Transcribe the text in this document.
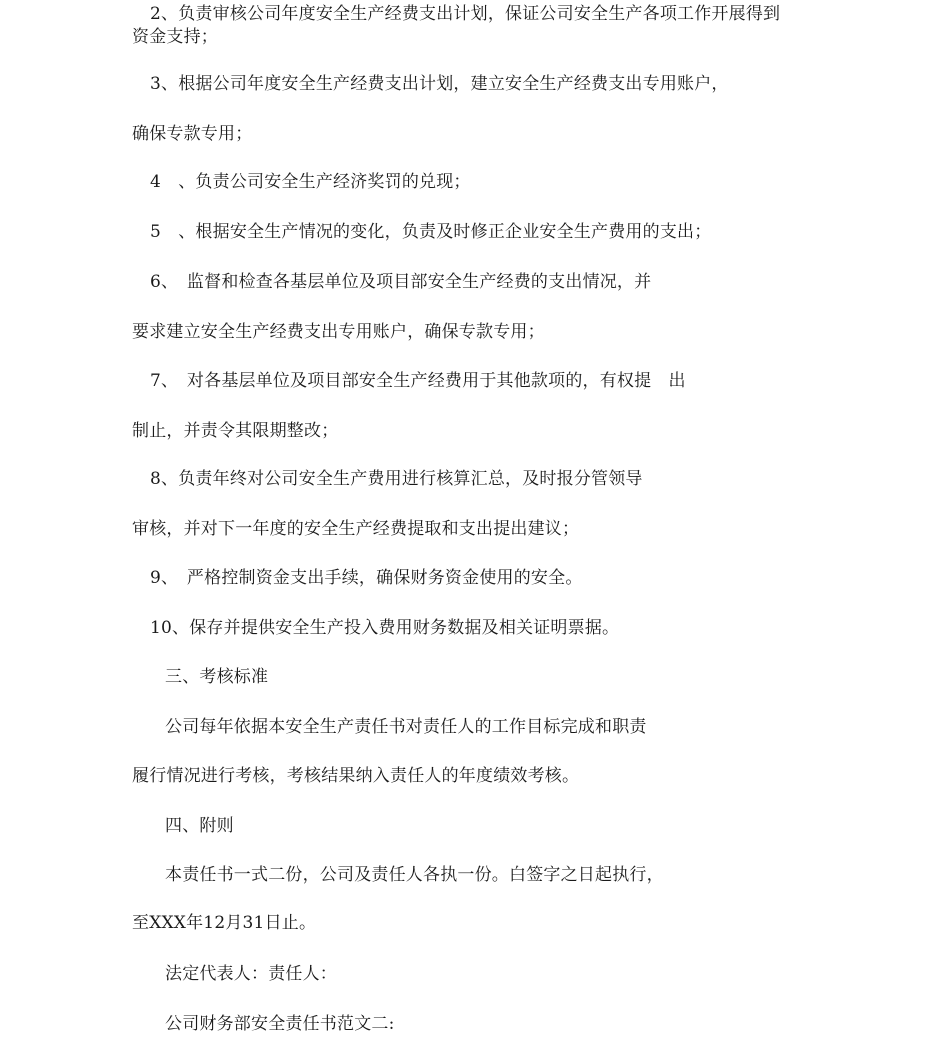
2、负责审核公司年度安全生产经费支出计划，保证公司安全生产各项工作开展得到
资金支持；
3、根据公司年度安全生产经费支出计划，建立安全生产经费支出专用账户，
确保专款专用；
4　、负责公司安全生产经济奖罚的兑现；
5　、根据安全生产情况的变化，负责及时修正企业安全生产费用的支出；
6、　监督和检查各基层单位及项目部安全生产经费的支出情况，并
要求建立安全生产经费支出专用账户，确保专款专用；
7、　对各基层单位及项目部安全生产经费用于其他款项的，有权提　出
制止，并责令其限期整改；
8、负责年终对公司安全生产费用进行核算汇总，及时报分管领导
审核，并对下一年度的安全生产经费提取和支出提出建议；
9、　严格控制资金支出手续，确保财务资金使用的安全。
10、保存并提供安全生产投入费用财务数据及相关证明票据。
三、考核标准
公司每年依据本安全生产责任书对责任人的工作目标完成和职责
履行情况进行考核，考核结果纳入责任人的年度绩效考核。
四、附则
本责任书一式二份，公司及责任人各执一份。白签字之日起执行，
至XXX年12月31日止。
法定代表人：责任人：
公司财务部安全责任书范文二:
